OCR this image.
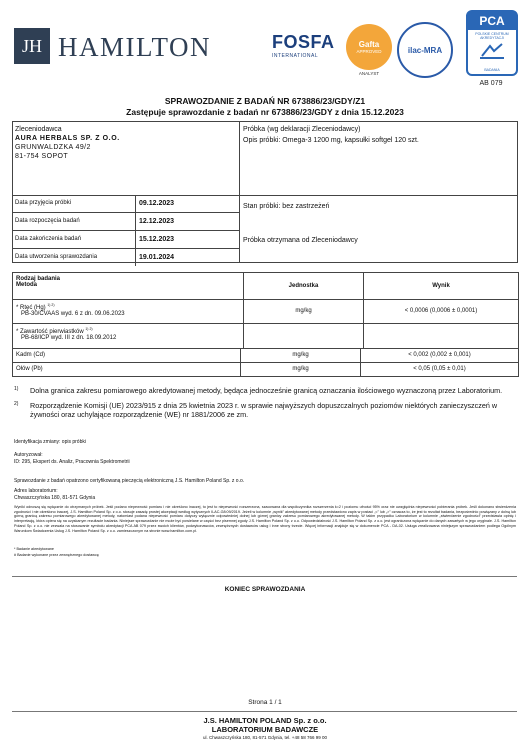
JH HAMILTON	FOSFA
INTERNATIONAL
Gafta
APPROVED
ANALYST
ilac-MRA
PCA
POLSKIE CENTRUM AKREDYTACJI
BADANIA
AB 079
SPRAWOZDANIE Z BADAŃ NR 673886/23/GDY/Z1
Zastępuje sprawozdanie z badań nr 673886/23/GDY z dnia 15.12.2023
Zleceniodawca
AURA HERBALS SP. Z O.O.
GRUNWALDZKA 49/2
81-754 SOPOT
Próbka (wg deklaracji Zleceniodawcy)
Opis próbki: Omega-3 1200 mg, kapsułki softgel 120 szt.
Data przyjęcia próbki	09.12.2023
Data rozpoczęcia badań	12.12.2023
Data zakończenia badań	15.12.2023
Data utworzenia sprawozdania	19.01.2024
Stan próbki: bez zastrzeżeń
Próbka otrzymana od Zleceniodawcy
Rodzaj badania
Metoda	Jednostka	Wynik
* Rtęć (Hg) $^{1) 2)}$
PB-30/CVAAS wyd. 6 z dn. 09.06.2023	mg/kg	< 0,0006 (0,0006 ± 0,0001)
* Zawartość pierwiastków $^{1) 2)}$
PB-68/ICP wyd. III z dn. 18.09.2012
Kadm (Cd)	mg/kg	< 0,002 (0,002 ± 0,001)
Ołów (Pb)	mg/kg	< 0,05 (0,05 ± 0,01)
1)	Dolna granica zakresu pomiarowego akredytowanej metody, będąca jednocześnie granicą oznaczania ilościowego wyznaczoną przez Laboratorium.
2)	Rozporządzenie Komisji (UE) 2023/915 z dnia 25 kwietnia 2023 r. w sprawie najwyższych dopuszczalnych poziomów niektórych zanieczyszczeń w żywności oraz uchylające rozporządzenie (WE) nr 1881/2006 ze zm.
Identyfikacja zmiany: opis próbki
Autoryzował:
ID: 295, Ekspert ds. Analiz, Pracownia Spektrometrii
Sprawozdanie z badań opatrzono certyfikowaną pieczęcią elektroniczną J.S. Hamilton Poland Sp. z o.o.
Adres laboratorium:
Chwaszczyńska 180, 81-571 Gdynia
Wyniki odnoszą się wyłącznie do otrzymanych próbek. Jeśli podano niepewność pomiaru i nie określono inaczej, to jest to niepewność rozszerzona, szacowana dla współczynnika rozszerzenia k=2 i poziomu ufności 95% oraz nie uwzględnia niepewności pobierania próbek. Jeśli dokonano stwierdzenia zgodności i nie określono inaczej, J.S. Hamilton Poland Sp. z o.o. stosuje zasadę prostej akceptacji według wytycznych ILAC-G8:09/2019. Jeżeli w kolumnie „wynik” akredytowanej metody przedstawiono zapis w postaci „<” lub „>” oznacza to, że jest to rezultat badania, bezpośrednio powiązany z dolną lub górną granicą zakresu pomiarowego akredytowanej metody, natomiast podana niepewność pomiaru dotyczy wyłącznie odpowiedniej dolnej lub górnej granicy zakresu pomiarowego akredytowanej metody. W takim przypadku Laboratorium w kolumnie „stwierdzenie zgodności” przedstawia opinię i interpretację, która opiera się na uzyskanym rezultacie badania. Niniejsze sprawozdanie nie może być powielane w części bez pisemnej zgody J.S. Hamilton Poland Sp. z o.o. Odpowiedzialność J.S. Hamilton Poland Sp. z o.o. jest ograniczona wyłącznie do danych zawartych w jego oryginale. J.S. Hamilton Poland Sp. z o.o. nie zezwala na stosowanie symbolu akredytacji PCA AB 079 przez swoich klientów, podwykonawców, zewnętrznych dostawców usług i inne strony trzecie. Więcej informacji znajduje się w dokumencie PCA - DA-02. Usługa zrealizowana niniejszym sprawozdaniem podlega Ogólnym Warunkom Świadczenia Usług J.S. Hamilton Poland Sp. z o.o. zamieszczonym na stronie www.hamilton.com.pl.
* Badanie akredytowane
# Badanie wykonane przez zewnętrznego dostawcę
KONIEC SPRAWOZDANIA
Strona 1 / 1
J.S. HAMILTON POLAND Sp. z o.o.
LABORATORIUM BADAWCZE
ul. Chwaszczyńska 180, 81-571 Gdynia, tel. +48 58 766 99 00
